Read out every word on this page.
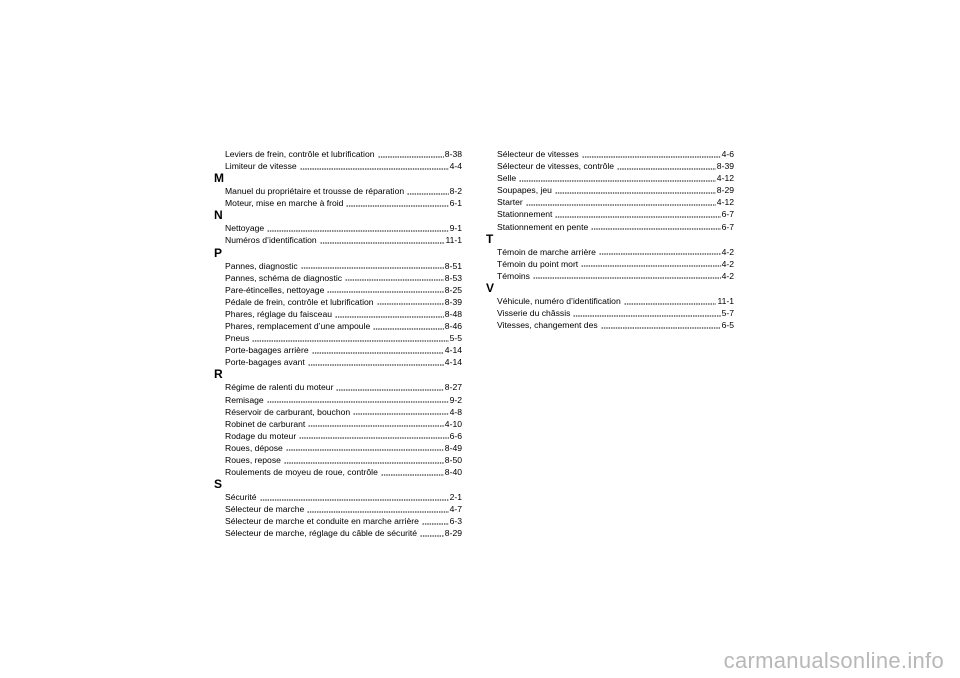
Leviers de frein, contrôle et lubrification	8-38
Limiteur de vitesse	4-4
M
Manuel du propriétaire et trousse de réparation	8-2
Moteur, mise en marche à froid	6-1
N
Nettoyage	9-1
Numéros d’identification	11-1
P
Pannes, diagnostic	8-51
Pannes, schéma de diagnostic	8-53
Pare-étincelles, nettoyage	8-25
Pédale de frein, contrôle et lubrification	8-39
Phares, réglage du faisceau	8-48
Phares, remplacement d’une ampoule	8-46
Pneus	5-5
Porte-bagages arrière	4-14
Porte-bagages avant	4-14
R
Régime de ralenti du moteur	8-27
Remisage	9-2
Réservoir de carburant, bouchon	4-8
Robinet de carburant	4-10
Rodage du moteur	6-6
Roues, dépose	8-49
Roues, repose	8-50
Roulements de moyeu de roue, contrôle	8-40
S
Sécurité	2-1
Sélecteur de marche	4-7
Sélecteur de marche et conduite en marche arrière	6-3
Sélecteur de marche, réglage du câble de sécurité	8-29
Sélecteur de vitesses	4-6
Sélecteur de vitesses, contrôle	8-39
Selle	4-12
Soupapes, jeu	8-29
Starter	4-12
Stationnement	6-7
Stationnement en pente	6-7
T
Témoin de marche arrière	4-2
Témoin du point mort	4-2
Témoins	4-2
V
Véhicule, numéro d’identification	11-1
Visserie du châssis	5-7
Vitesses, changement des	6-5
carmanualsonline.info
